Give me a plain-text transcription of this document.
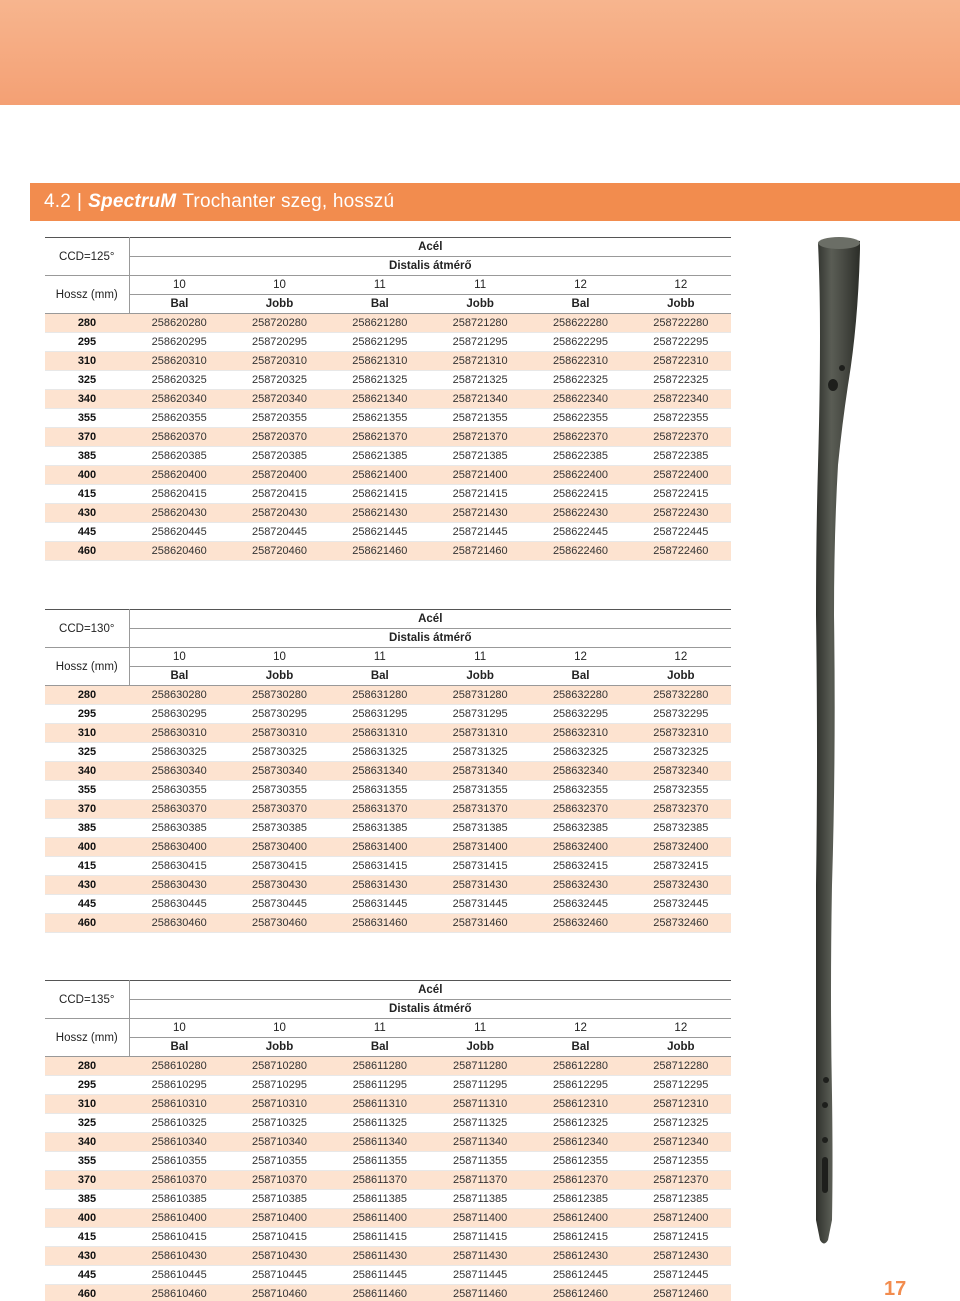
4.2 | SpectruM Trochanter szeg, hosszú
CCD=125°	Acél					
	Distalis átmérő					
Hossz (mm)	10	10	11	11	12	12
	Bal	Jobb	Bal	Jobb	Bal	Jobb
280	258620280	258720280	258621280	258721280	258622280	258722280
295	258620295	258720295	258621295	258721295	258622295	258722295
310	258620310	258720310	258621310	258721310	258622310	258722310
325	258620325	258720325	258621325	258721325	258622325	258722325
340	258620340	258720340	258621340	258721340	258622340	258722340
355	258620355	258720355	258621355	258721355	258622355	258722355
370	258620370	258720370	258621370	258721370	258622370	258722370
385	258620385	258720385	258621385	258721385	258622385	258722385
400	258620400	258720400	258621400	258721400	258622400	258722400
415	258620415	258720415	258621415	258721415	258622415	258722415
430	258620430	258720430	258621430	258721430	258622430	258722430
445	258620445	258720445	258621445	258721445	258622445	258722445
460	258620460	258720460	258621460	258721460	258622460	258722460
CCD=130°	Acél					
	Distalis átmérő					
Hossz (mm)	10	10	11	11	12	12
	Bal	Jobb	Bal	Jobb	Bal	Jobb
280	258630280	258730280	258631280	258731280	258632280	258732280
295	258630295	258730295	258631295	258731295	258632295	258732295
310	258630310	258730310	258631310	258731310	258632310	258732310
325	258630325	258730325	258631325	258731325	258632325	258732325
340	258630340	258730340	258631340	258731340	258632340	258732340
355	258630355	258730355	258631355	258731355	258632355	258732355
370	258630370	258730370	258631370	258731370	258632370	258732370
385	258630385	258730385	258631385	258731385	258632385	258732385
400	258630400	258730400	258631400	258731400	258632400	258732400
415	258630415	258730415	258631415	258731415	258632415	258732415
430	258630430	258730430	258631430	258731430	258632430	258732430
445	258630445	258730445	258631445	258731445	258632445	258732445
460	258630460	258730460	258631460	258731460	258632460	258732460
CCD=135°	Acél					
	Distalis átmérő					
Hossz (mm)	10	10	11	11	12	12
	Bal	Jobb	Bal	Jobb	Bal	Jobb
280	258610280	258710280	258611280	258711280	258612280	258712280
295	258610295	258710295	258611295	258711295	258612295	258712295
310	258610310	258710310	258611310	258711310	258612310	258712310
325	258610325	258710325	258611325	258711325	258612325	258712325
340	258610340	258710340	258611340	258711340	258612340	258712340
355	258610355	258710355	258611355	258711355	258612355	258712355
370	258610370	258710370	258611370	258711370	258612370	258712370
385	258610385	258710385	258611385	258711385	258612385	258712385
400	258610400	258710400	258611400	258711400	258612400	258712400
415	258610415	258710415	258611415	258711415	258612415	258712415
430	258610430	258710430	258611430	258711430	258612430	258712430
445	258610445	258710445	258611445	258711445	258612445	258712445
460	258610460	258710460	258611460	258711460	258612460	258712460	17
